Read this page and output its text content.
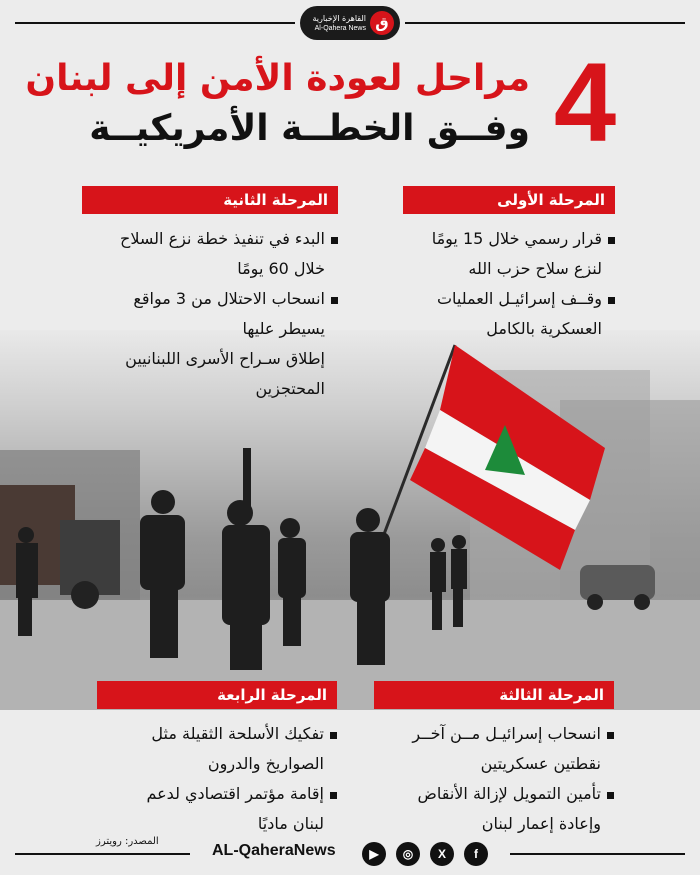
القاهرة الإخبارية
Al-Qahera News ق
4
مراحل لعودة الأمن إلى لبنان
وفــق الخطــة الأمريكيــة
المرحلة الأولى
قرار رسمي خلال 15 يومًا
لنزع سلاح حزب الله
وقــف إسرائيـل العمليات
العسكرية بالكامل
المرحلة الثانية
البدء في تنفيذ خطة نزع السلاح
خلال 60 يومًا
انسحاب الاحتلال من 3 مواقع
يسيطر عليها
إطلاق سـراح الأسرى اللبنانيين
المحتجزين
المرحلة الثالثة
انسحاب إسرائيـل مــن آخــر
نقطتين عسكريتين
تأمين التمويل لإزالة الأنقاض
وإعادة إعمار لبنان
المرحلة الرابعة
تفكيك الأسلحة الثقيلة مثل
الصواريخ والدرون
إقامة مؤتمر اقتصادي لدعم
لبنان ماديًا
المصدر: رويترز
AL-QaheraNews	▶	◎	X	f
